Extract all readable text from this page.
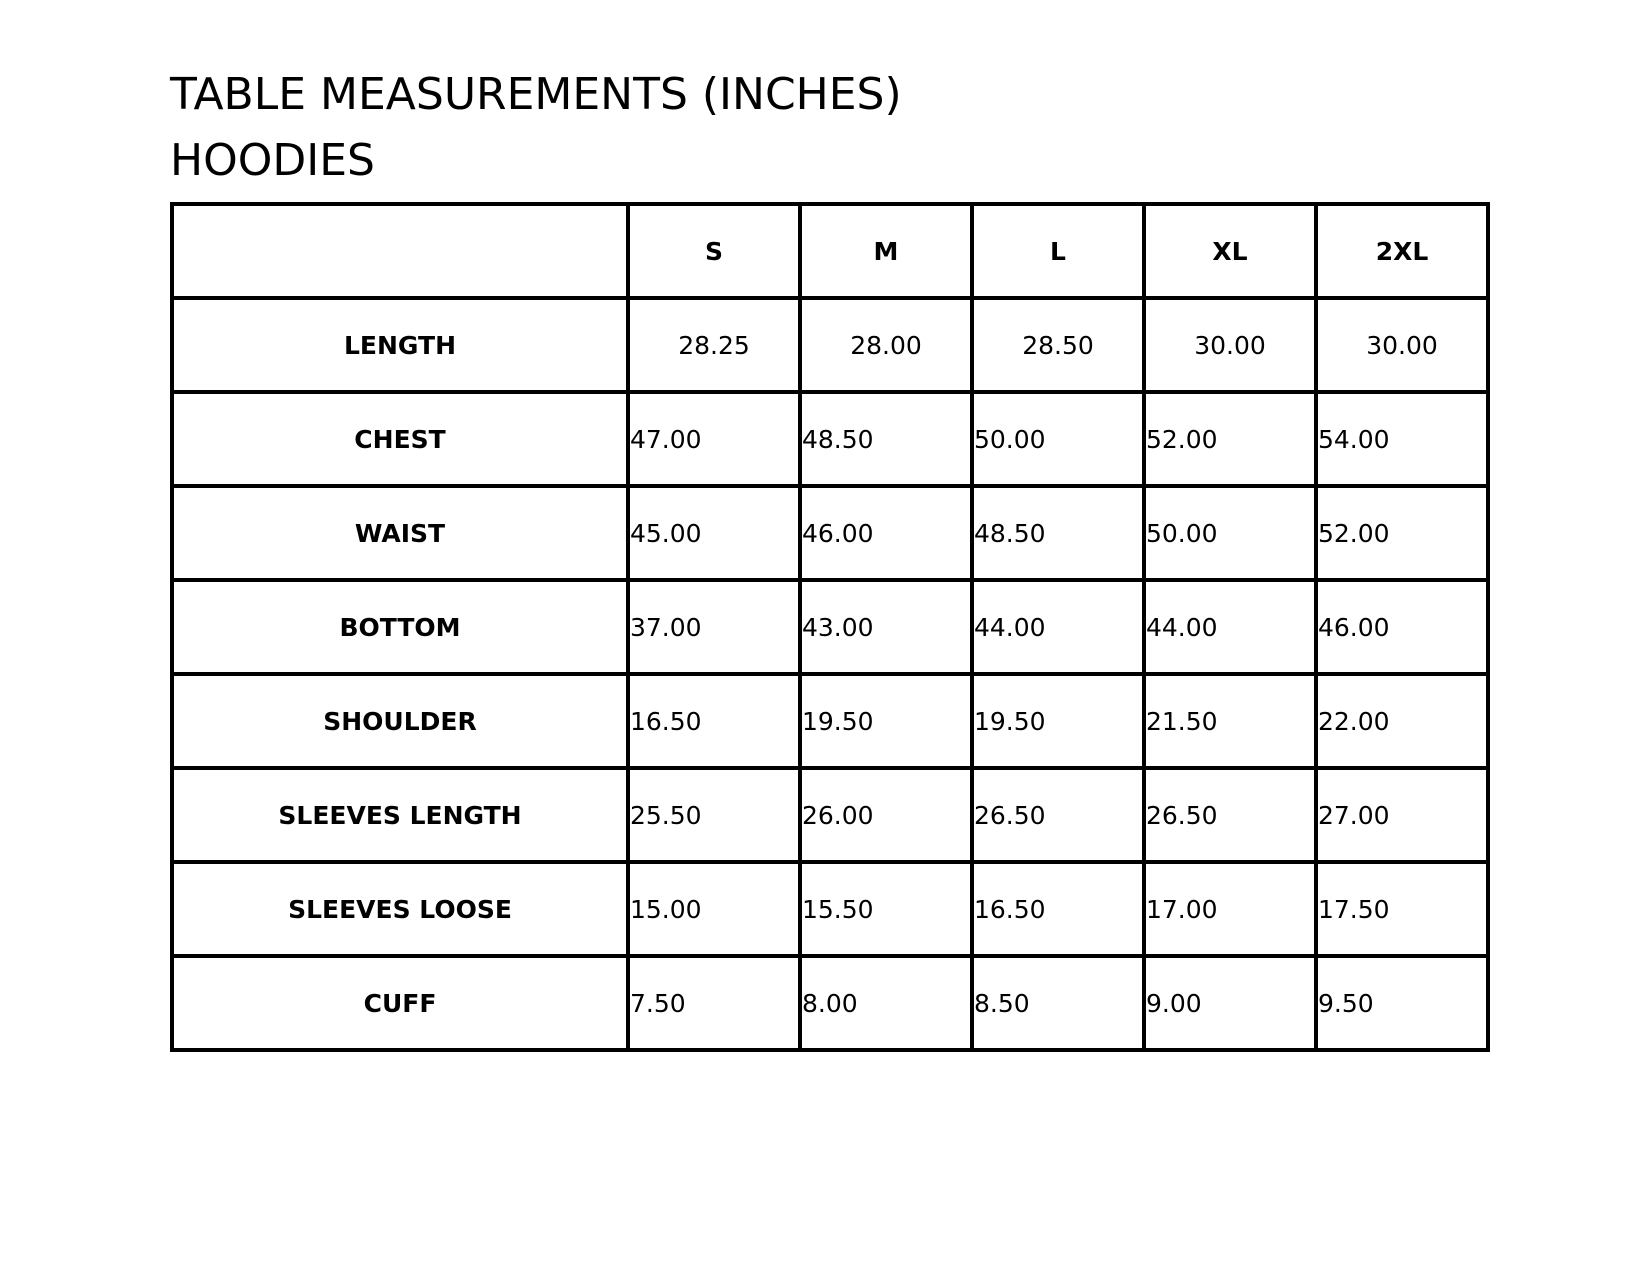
TABLE MEASUREMENTS (INCHES)
HOODIES
	S	M	L	XL	2XL
LENGTH	28.25	28.00	28.50	30.00	30.00
CHEST	47.00	48.50	50.00	52.00	54.00
WAIST	45.00	46.00	48.50	50.00	52.00
BOTTOM	37.00	43.00	44.00	44.00	46.00
SHOULDER	16.50	19.50	19.50	21.50	22.00
SLEEVES LENGTH	25.50	26.00	26.50	26.50	27.00
SLEEVES LOOSE	15.00	15.50	16.50	17.00	17.50
CUFF	7.50	8.00	8.50	9.00	9.50
